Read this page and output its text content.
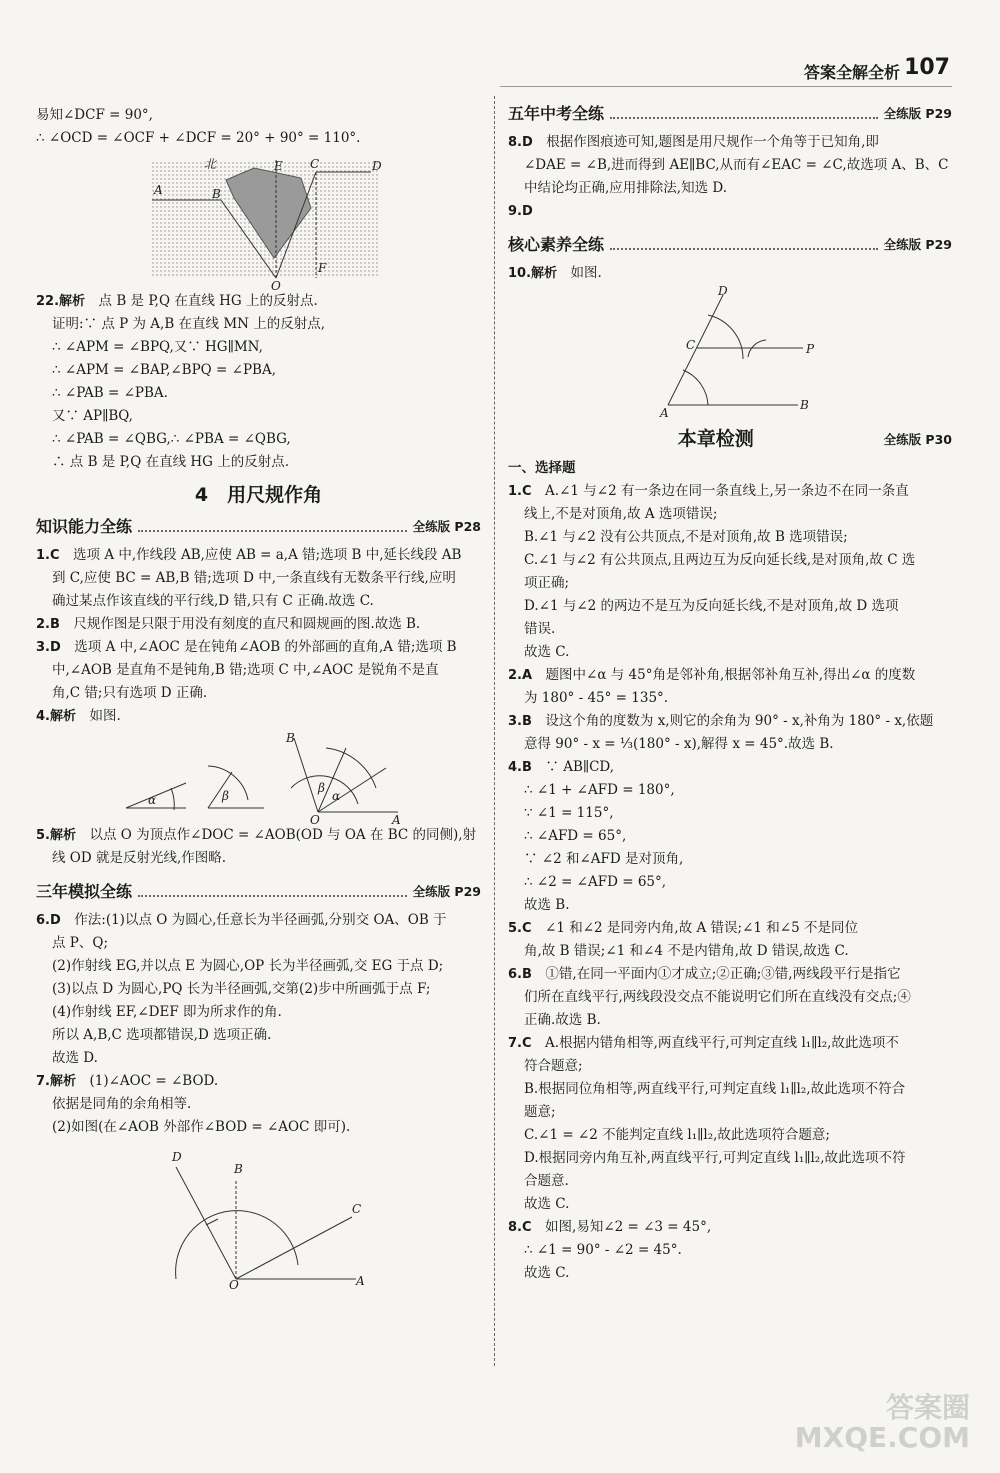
答案全解全析 107

易知∠DCF = 90°,

∴ ∠OCD = ∠OCF + ∠DCF = 20° + 90° = 110°.

北	E C	D
A	B
O
F

22.解析　 点 B 是 P,Q 在直线 HG 上的反射点.

证明:∵ 点 P 为 A,B 在直线 MN 上的反射点,

∴ ∠APM = ∠BPQ,又∵ HG∥MN,

∴ ∠APM = ∠BAP,∠BPQ = ∠PBA,

∴ ∠PAB = ∠PBA.

又∵ AP∥BQ,

∴ ∠PAB = ∠QBG,∴ ∠PBA = ∠QBG,

∴ 点 B 是 P,Q 在直线 HG 上的反射点.

4　用尺规作角
知识能力全练	全练版 P28

1.C　 选项 A 中,作线段 AB,应使 AB = a,A 错;选项 B 中,延长线段 AB

到 C,应使 BC = AB,B 错;选项 D 中,一条直线有无数条平行线,应明

确过某点作该直线的平行线,D 错,只有 C 正确.故选 C.

2.B　 尺规作图是只限于用没有刻度的直尺和圆规画的图.故选 B.

3.D　 选项 A 中,∠AOC 是在钝角∠AOB 的外部画的直角,A 错;选项 B

中,∠AOB 是直角不是钝角,B 错;选项 C 中,∠AOC 是锐角不是直

角,C 错;只有选项 D 正确.

4.解析　 如图.

α	β
B
β
α
O	A

5.解析　 以点 O 为顶点作∠DOC = ∠AOB(OD 与 OA 在 BC 的同侧),射

线 OD 就是反射光线,作图略.

三年模拟全练	全练版 P29

6.D　 作法:(1)以点 O 为圆心,任意长为半径画弧,分别交 OA、OB 于

点 P、Q;

(2)作射线 EG,并以点 E 为圆心,OP 长为半径画弧,交 EG 于点 D;

(3)以点 D 为圆心,PQ 长为半径画弧,交第(2)步中所画弧于点 F;

(4)作射线 EF,∠DEF 即为所求作的角.

所以 A,B,C 选项都错误,D 选项正确.

故选 D.

7.解析　 (1)∠AOC = ∠BOD.

依据是同角的余角相等.

(2)如图(在∠AOB 外部作∠BOD = ∠AOC 即可).

D
B
C
O	A
五年中考全练	全练版 P29

8.D　 根据作图痕迹可知,题图是用尺规作一个角等于已知角,即

∠DAE = ∠B,进而得到 AE∥BC,从而有∠EAC = ∠C,故选项 A、B、C

中结论均正确,应用排除法,知选 D.

9.D

核心素养全练	全练版 P29

10.解析　 如图.

D
C	P
A
B
本章检测	全练版 P30

一、选择题

1.C　 A.∠1 与∠2 有一条边在同一条直线上,另一条边不在同一条直

线上,不是对顶角,故 A 选项错误;

B.∠1 与∠2 没有公共顶点,不是对顶角,故 B 选项错误;

C.∠1 与∠2 有公共顶点,且两边互为反向延长线,是对顶角,故 C 选

项正确;

D.∠1 与∠2 的两边不是互为反向延长线,不是对顶角,故 D 选项

错误.

故选 C.

2.A　 题图中∠α 与 45°角是邻补角,根据邻补角互补,得出∠α 的度数

为 180° - 45° = 135°.

3.B　 设这个角的度数为 x,则它的余角为 90° - x,补角为 180° - x,依题

意得 90° - x = ⅓(180° - x),解得 x = 45°.故选 B.

4.B　 ∵ AB∥CD,

∴ ∠1 + ∠AFD = 180°,

∵ ∠1 = 115°,

∴ ∠AFD = 65°,

∵ ∠2 和∠AFD 是对顶角,

∴ ∠2 = ∠AFD = 65°,

故选 B.

5.C　 ∠1 和∠2 是同旁内角,故 A 错误;∠1 和∠5 不是同位

角,故 B 错误;∠1 和∠4 不是内错角,故 D 错误,故选 C.

6.B　 ①错,在同一平面内①才成立;②正确;③错,两线段平行是指它

们所在直线平行,两线段没交点不能说明它们所在直线没有交点;④

正确.故选 B.

7.C　 A.根据内错角相等,两直线平行,可判定直线 l₁∥l₂,故此选项不

符合题意;

B.根据同位角相等,两直线平行,可判定直线 l₁∥l₂,故此选项不符合

题意;

C.∠1 = ∠2 不能判定直线 l₁∥l₂,故此选项符合题意;

D.根据同旁内角互补,两直线平行,可判定直线 l₁∥l₂,故此选项不符

合题意.

故选 C.

8.C　 如图,易知∠2 = ∠3 = 45°,

∴ ∠1 = 90° - ∠2 = 45°.

故选 C.

答案圈
MXQE.COM
